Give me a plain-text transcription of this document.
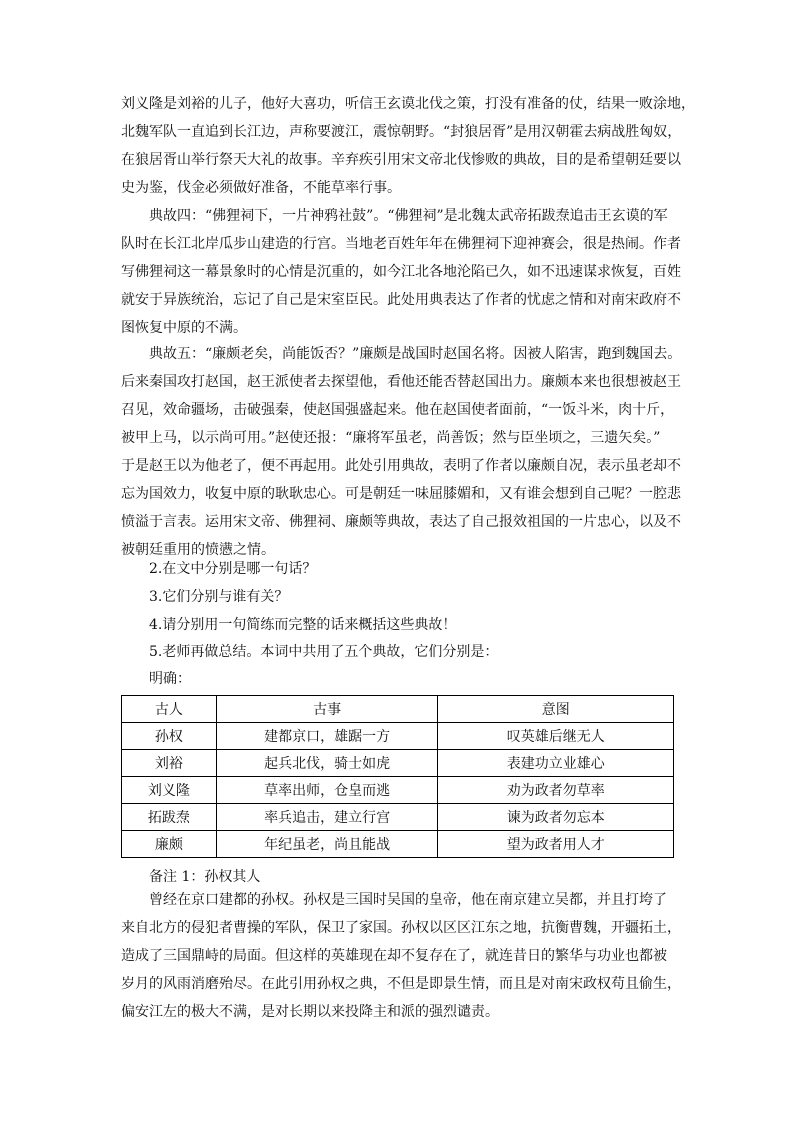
刘义隆是刘裕的儿子，他好大喜功，听信王玄谟北伐之策，打没有准备的仗，结果一败涂地，
北魏军队一直追到长江边，声称要渡江，震惊朝野。“封狼居胥”是用汉朝霍去病战胜匈奴，
在狼居胥山举行祭天大礼的故事。辛弃疾引用宋文帝北伐惨败的典故，目的是希望朝廷要以
史为鉴，伐金必须做好准备，不能草率行事。
典故四：“佛狸祠下，一片神鸦社鼓”。“佛狸祠”是北魏太武帝拓跋焘追击王玄谟的军
队时在长江北岸瓜步山建造的行宫。当地老百姓年年在佛狸祠下迎神赛会，很是热闹。作者
写佛狸祠这一幕景象时的心情是沉重的，如今江北各地沦陷已久，如不迅速谋求恢复，百姓
就安于异族统治，忘记了自己是宋室臣民。此处用典表达了作者的忧虑之情和对南宋政府不
图恢复中原的不满。
典故五：“廉颇老矣，尚能饭否？”廉颇是战国时赵国名将。因被人陷害，跑到魏国去。
后来秦国攻打赵国，赵王派使者去探望他，看他还能否替赵国出力。廉颇本来也很想被赵王
召见，效命疆场，击破强秦，使赵国强盛起来。他在赵国使者面前，“一饭斗米，肉十斤，
被甲上马，以示尚可用。”赵使还报：“廉将军虽老，尚善饭；然与臣坐顷之，三遗矢矣。”
于是赵王以为他老了，便不再起用。此处引用典故，表明了作者以廉颇自况，表示虽老却不
忘为国效力，收复中原的耿耿忠心。可是朝廷一味屈膝媚和，又有谁会想到自己呢？一腔悲
愤溢于言表。运用宋文帝、佛狸祠、廉颇等典故，表达了自己报效祖国的一片忠心，以及不
被朝廷重用的愤懑之情。
2.在文中分别是哪一句话？
3.它们分别与谁有关？
4.请分别用一句简练而完整的话来概括这些典故！
5.老师再做总结。本词中共用了五个典故，它们分别是：
明确：
古人	古事	意图
孙权	建都京口，雄踞一方	叹英雄后继无人
刘裕	起兵北伐，骑士如虎	表建功立业雄心
刘义隆	草率出师，仓皇而逃	劝为政者勿草率
拓跋焘	率兵追击，建立行宫	谏为政者勿忘本
廉颇	年纪虽老，尚且能战	望为政者用人才
备注 1：孙权其人
曾经在京口建都的孙权。孙权是三国时吴国的皇帝，他在南京建立吴都，并且打垮了
来自北方的侵犯者曹操的军队，保卫了家国。孙权以区区江东之地，抗衡曹魏，开疆拓土，
造成了三国鼎峙的局面。但这样的英雄现在却不复存在了，就连昔日的繁华与功业也都被
岁月的风雨消磨殆尽。在此引用孙权之典，不但是即景生情，而且是对南宋政权苟且偷生，
偏安江左的极大不满，是对长期以来投降主和派的强烈谴责。
